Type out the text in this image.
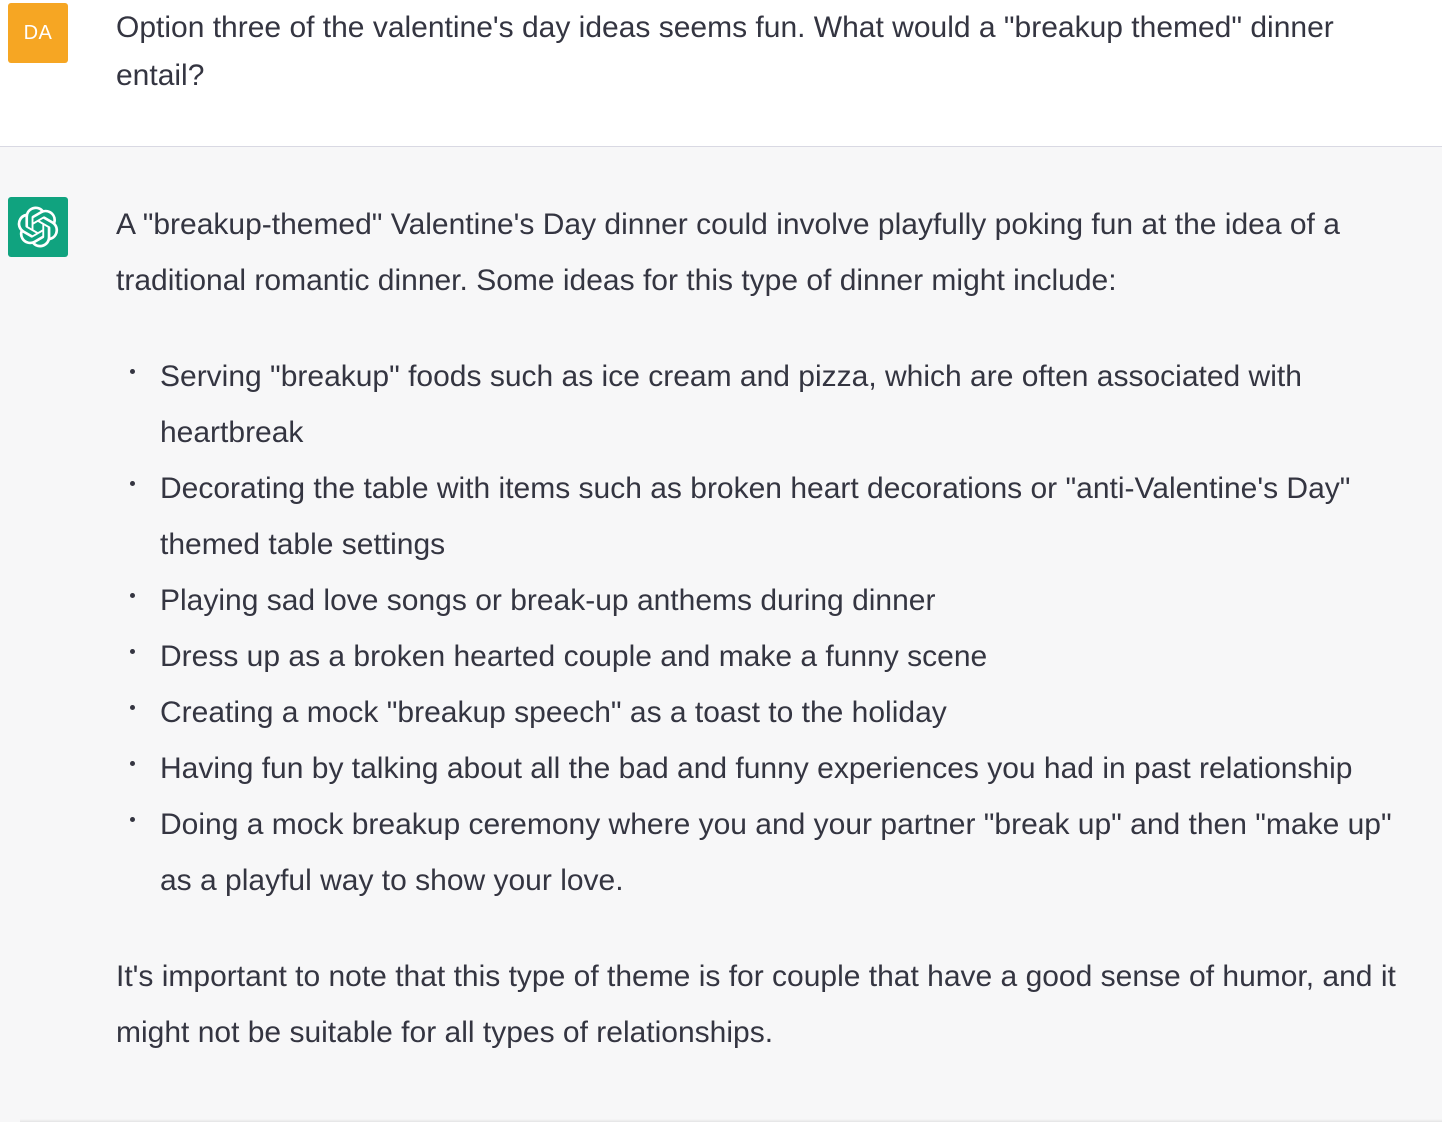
DA Option three of the valentine's day ideas seems fun. What would a "breakup themed" dinner entail?

A "breakup-themed" Valentine's Day dinner could involve playfully poking fun at the idea of a traditional romantic dinner. Some ideas for this type of dinner might include:

Serving "breakup" foods such as ice cream and pizza, which are often associated with heartbreak
Decorating the table with items such as broken heart decorations or "anti-Valentine's Day" themed table settings
Playing sad love songs or break-up anthems during dinner
Dress up as a broken hearted couple and make a funny scene
Creating a mock "breakup speech" as a toast to the holiday
Having fun by talking about all the bad and funny experiences you had in past relationship
Doing a mock breakup ceremony where you and your partner "break up" and then "make up" as a playful way to show your love.

It's important to note that this type of theme is for couple that have a good sense of humor, and it might not be suitable for all types of relationships.
